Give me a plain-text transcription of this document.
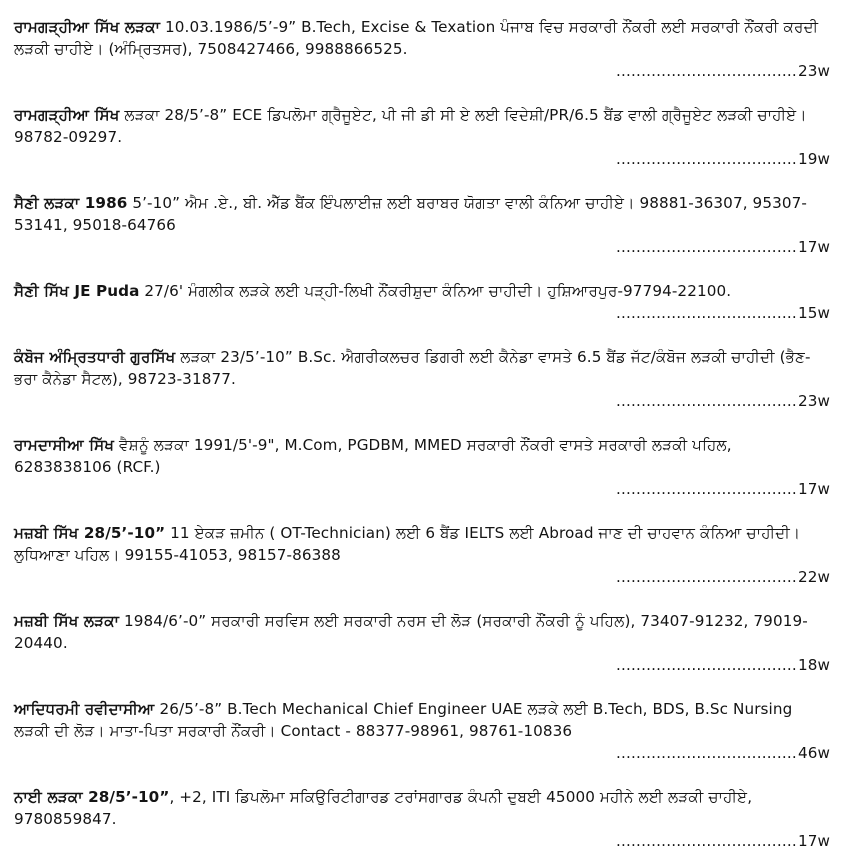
ਰਾਮਗੜ੍ਹੀਆ ਸਿੱਖ ਲੜਕਾ 10.03.1986/5’-9” B.Tech, Excise & Texation ਪੰਜਾਬ ਵਿਚ ਸਰਕਾਰੀ ਨੌਂਕਰੀ ਲਈ ਸਰਕਾਰੀ ਨੌਂਕਰੀ ਕਰਦੀ ਲੜਕੀ ਚਾਹੀਏ। (ਅੰਮ੍ਰਿਤਸਰ), 7508427466, 9988866525.
.................................... 23w
ਰਾਮਗੜ੍ਹੀਆ ਸਿੱਖ ਲੜਕਾ 28/5’-8” ECE ਡਿਪਲੋਮਾ ਗ੍ਰੈਜੂਏਟ, ਪੀ ਜੀ ਡੀ ਸੀ ਏ ਲਈ ਵਿਦੇਸ਼ੀ/PR/6.5 ਬੈਂਡ ਵਾਲੀ ਗ੍ਰੈਜੂਏਟ ਲੜਕੀ ਚਾਹੀਏ। 98782-09297.
.................................... 19w
ਸੈਣੀ ਲੜਕਾ 1986 5’-10” ਐਮ .ਏ., ਬੀ. ਐੱਡ ਬੈਂਕ ਇੰਪਲਾਈਜ਼ ਲਈ ਬਰਾਬਰ ਯੋਗਤਾ ਵਾਲੀ ਕੰਨਿਆ ਚਾਹੀਏ। 98881-36307, 95307-53141, 95018-64766
.................................... 17w
ਸੈਣੀ ਸਿੱਖ JE Puda 27/6' ਮੰਗਲੀਕ ਲੜਕੇ ਲਈ ਪੜ੍ਹੀ-ਲਿਖੀ ਨੌਂਕਰੀਸ਼ੁਦਾ ਕੰਨਿਆ ਚਾਹੀਦੀ। ਹੁਸ਼ਿਆਰਪੁਰ-97794-22100.
.................................... 15w
ਕੰਬੋਜ ਅੰਮ੍ਰਿਤਧਾਰੀ ਗੁਰਸਿੱਖ ਲੜਕਾ 23/5’-10” B.Sc. ਐਗਰੀਕਲਚਰ ਡਿਗਰੀ ਲਈ ਕੈਨੇਡਾ ਵਾਸਤੇ 6.5 ਬੈਂਡ ਜੱਟ/ਕੰਬੋਜ ਲੜਕੀ ਚਾਹੀਦੀ (ਭੈਣ-ਭਰਾ ਕੈਨੇਡਾ ਸੈਟਲ), 98723-31877.
.................................... 23w
ਰਾਮਦਾਸੀਆ ਸਿੱਖ ਵੈਸ਼ਨੂੰ ਲੜਕਾ 1991/5'-9", M.Com, PGDBM, MMED ਸਰਕਾਰੀ ਨੌਂਕਰੀ ਵਾਸਤੇ ਸਰਕਾਰੀ ਲੜਕੀ ਪਹਿਲ, 6283838106 (RCF.)
.................................... 17w
ਮਜ਼ਬੀ ਸਿੱਖ 28/5’-10” 11 ਏਕੜ ਜ਼ਮੀਨ ( OT-Technician) ਲਈ 6 ਬੈਂਡ IELTS ਲਈ Abroad ਜਾਣ ਦੀ ਚਾਹਵਾਨ ਕੰਨਿਆ ਚਾਹੀਦੀ। ਲੁਧਿਆਣਾ ਪਹਿਲ। 99155-41053, 98157-86388
.................................... 22w
ਮਜ਼ਬੀ ਸਿੱਖ ਲੜਕਾ 1984/6’-0” ਸਰਕਾਰੀ ਸਰਵਿਸ ਲਈ ਸਰਕਾਰੀ ਨਰਸ ਦੀ ਲੋੜ (ਸਰਕਾਰੀ ਨੌਂਕਰੀ ਨੂੰ ਪਹਿਲ), 73407-91232, 79019-20440.
.................................... 18w
ਆਦਿਧਰਮੀ ਰਵੀਦਾਸੀਆ 26/5’-8” B.Tech Mechanical Chief Engineer UAE ਲੜਕੇ ਲਈ B.Tech, BDS, B.Sc Nursing ਲੜਕੀ ਦੀ ਲੋੜ। ਮਾਤਾ-ਪਿਤਾ ਸਰਕਾਰੀ ਨੌਂਕਰੀ। Contact - 88377-98961, 98761-10836
.................................... 46w
ਨਾਈ ਲੜਕਾ 28/5’-10”, +2, ITI ਡਿਪਲੋਮਾ ਸਕਿਉਰਿਟੀਗਾਰਡ ਟਰਾਂਸਗਾਰਡ ਕੰਪਨੀ ਦੁਬਈ 45000 ਮਹੀਨੇ ਲਈ ਲੜਕੀ ਚਾਹੀਏ, 9780859847.
.................................... 17w
